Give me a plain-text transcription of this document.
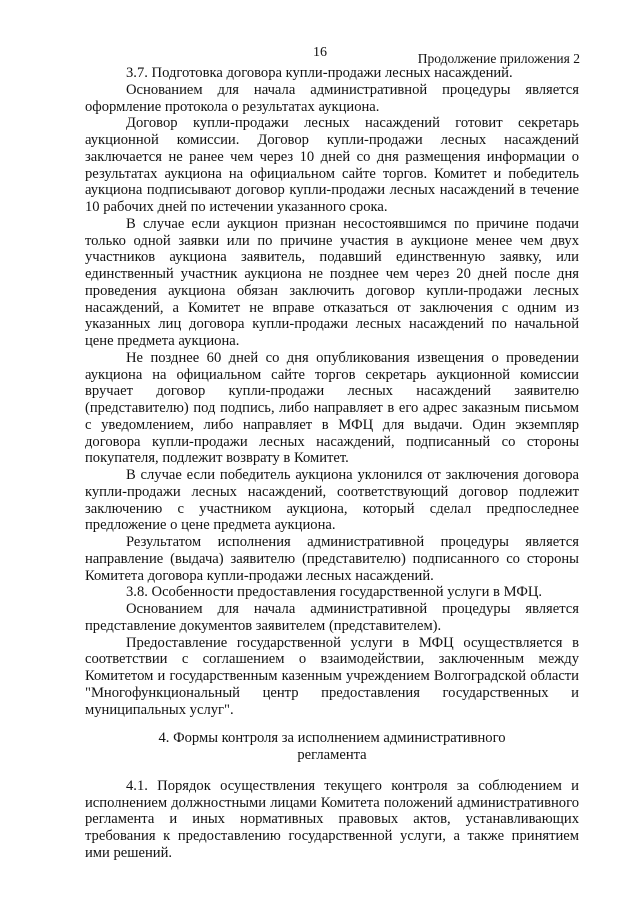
16	Продолжение приложения 2

3.7. Подготовка договора купли-продажи лесных насаждений.

Основанием для начала административной процедуры является оформление протокола о результатах аукциона.

Договор купли-продажи лесных насаждений готовит секретарь аукционной комиссии. Договор купли-продажи лесных насаждений заключается не ранее чем через 10 дней со дня размещения информации о результатах аукциона на официальном сайте торгов. Комитет и победитель аукциона подписывают договор купли-продажи лесных насаждений в течение 10 рабочих дней по истечении указанного срока.

В случае если аукцион признан несостоявшимся по причине подачи только одной заявки или по причине участия в аукционе менее чем двух участников аукциона заявитель, подавший единственную заявку, или единственный участник аукциона не позднее чем через 20 дней после дня проведения аукциона обязан заключить договор купли-продажи лесных насаждений, а Комитет не вправе отказаться от заключения с одним из указанных лиц договора купли-продажи лесных насаждений по начальной цене предмета аукциона.

Не позднее 60 дней со дня опубликования извещения о проведении аукциона на официальном сайте торгов секретарь аукционной комиссии вручает договор купли-продажи лесных насаждений заявителю (представителю) под подпись, либо направляет в его адрес заказным письмом с уведомлением, либо направляет в МФЦ для выдачи. Один экземпляр договора купли-продажи лесных насаждений, подписанный со стороны покупателя, подлежит возврату в Комитет.

В случае если победитель аукциона уклонился от заключения договора купли-продажи лесных насаждений, соответствующий договор подлежит заключению с участником аукциона, который сделал предпоследнее предложение о цене предмета аукциона.

Результатом исполнения административной процедуры является направление (выдача) заявителю (представителю) подписанного со стороны Комитета договора купли-продажи лесных насаждений.

3.8. Особенности предоставления государственной услуги в МФЦ.

Основанием для начала административной процедуры является представление документов заявителем (представителем).

Предоставление государственной услуги в МФЦ осуществляется в соответствии с соглашением о взаимодействии, заключенным между Комитетом и государственным казенным учреждением Волгоградской области "Многофункциональный центр предоставления государственных и муниципальных услуг".

4. Формы контроля за исполнением административного
регламента

4.1. Порядок осуществления текущего контроля за соблюдением и исполнением должностными лицами Комитета положений административного регламента и иных нормативных правовых актов, устанавливающих требования к предоставлению государственной услуги, а также принятием ими решений.
